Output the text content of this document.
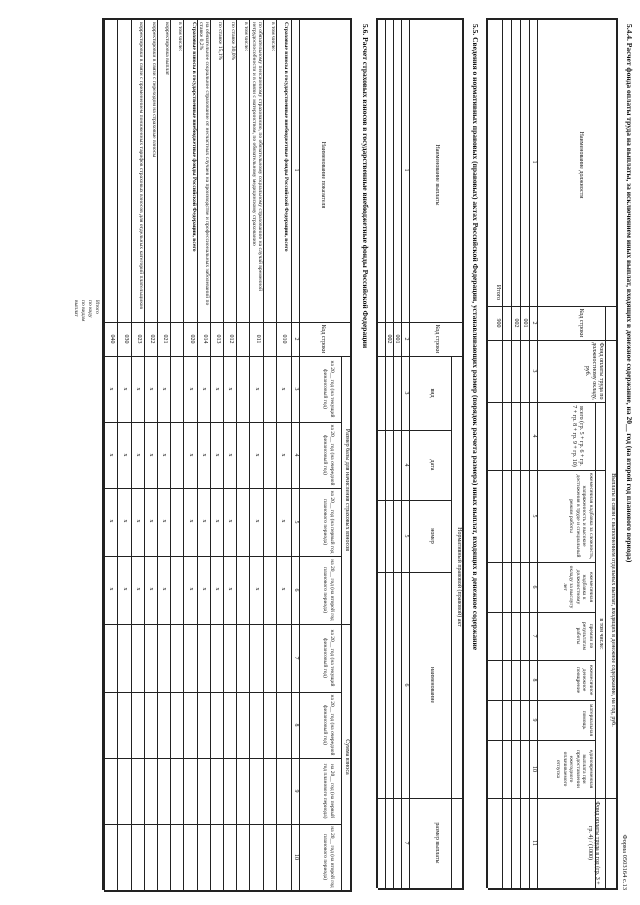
Форма 0503164 с.13
5.4.4. Расчет фонда оплаты труда на выплаты, за исключением иных выплат, входящих в денежное содержание, на 20__ год (на второй год планового периода)
Наименование должности
Код строки
Фонд оплаты труда по должностному окладу, руб.
Выплаты в связи с выполнением отдельных выплат, входящих в денежное содержание, на год, руб.
всего (гр. 5 + гр. 6 + гр. 7 + гр. 8 + гр. 9 + гр. 10)
в том числе:
ежемесячная надбавка за сложность, напряженность и высокие достижения в труде и специальный режим работы
ежемесячная надбавка к должностному окладу за выслугу лет
премии по результатам работы
ежемесячное денежное поощрение
материальная помощь
единовременная выплата при предоставлении ежегодного оплачиваемого отпуска
Фонд оплаты труда в год (гр. 3 + гр. 4) / (1000)
1
2
3
4
5
6
7
8
9
10
11
001
002
Итого
900
5.5. Сведения о нормативных правовых (правовых) актах Российской Федерации, устанавливающих размер (порядок расчета размера) иных выплат, входящих в денежное содержание
Наименование выплаты
Код строки
Нормативный правовой (правовой) акт
вид
дата
номер
наименование
размер выплаты
1
2
3
4
5
6
7
001
002
5.6. Расчет страховых взносов в государственные внебюджетные фонды Российской Федерации
Наименование показателя
Код строки
Размер базы для начисления страховых взносов
Сумма взноса
на 20__ год (на текущий финансовый год)
на 20__ год (на очередной финансовый год)
на 20__ год (на первый год планового периода)
на 20__ год (на второй год планового периода)
на 20__ год (на текущий финансовый год)
на 20__ год (на очередной финансовый год)
на 20__ год (на первый год планового периода)
на 20__ год (на второй год планового периода)
1
2
3
4
5
6
7
8
9
10
Страховые взносы в государственные внебюджетные фонды Российской Федерации, всего
010
х
х
х
х
в том числе:
по обязательному пенсионному страхованию, по обязательному социальному страхованию на случай временной нетрудоспособности и в связи с материнством, по обязательному медицинскому страхованию
011
х
х
х
х
в том числе:
по ставке 30,0%
012
х
х
х
х
по ставке 15,1%
013
х
х
х
х
на обязательное социальное страхование от несчастных случаев на производстве и профессиональных заболеваний по ставке 0,2%
014
х
х
х
х
Страховые взносы в государственные внебюджетные фонды Российской Федерации, всего
020
х
х
х
х
в том числе:
корректировка выплат
021
х
х
х
х
корректировки в связи с переходом на страховые взносы
022
х
х
х
х
корректировки в связи с применением пониженных тарифов страховых взносов для отдельных категорий плательщиков
023
х
х
х
х
030
х
х
х
х
040
х
х
х
х
Итого
по коду
по видам
выплат
